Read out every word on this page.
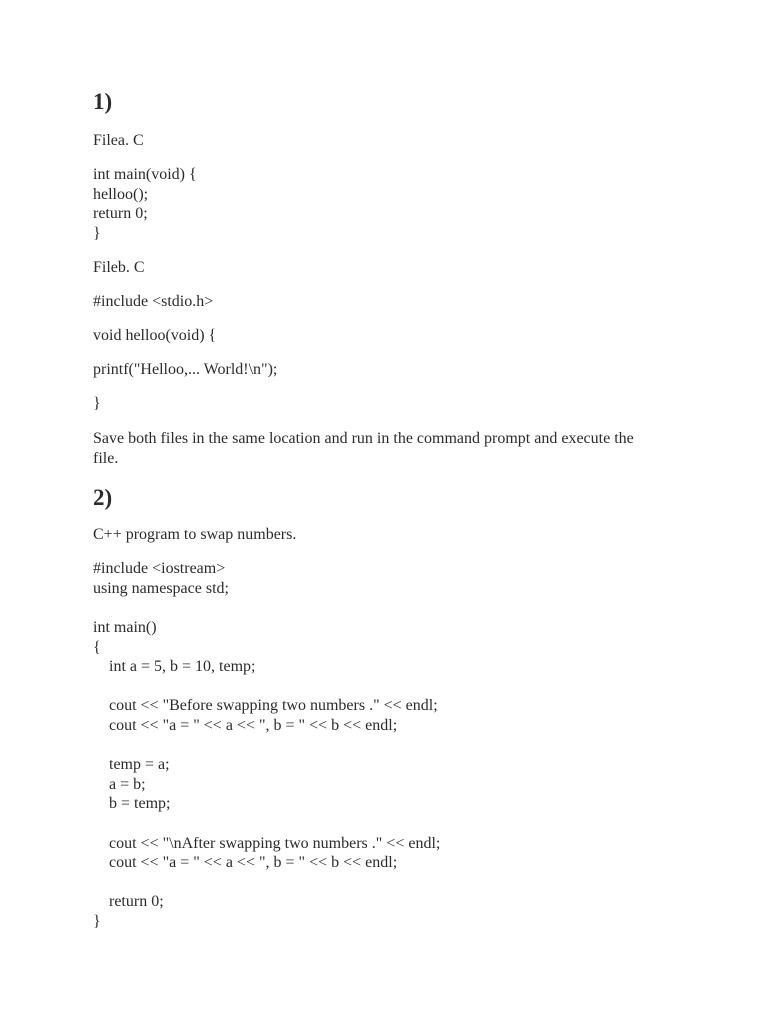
1)
Filea. C
int main(void) {
helloo();
return 0;
}
Fileb. C
#include <stdio.h>
void helloo(void) {
printf("Helloo,... World!\n");
}
Save both files in the same location and run in the command prompt and execute the file.
2)
C++ program to swap numbers.
#include <iostream>
using namespace std;
int main()
{
int a = 5, b = 10, temp;

cout << "Before swapping two numbers ." << endl;
cout << "a = " << a << ", b = " << b << endl;

temp = a;
a = b;
b = temp;

cout << "\nAfter swapping two numbers ." << endl;
cout << "a = " << a << ", b = " << b << endl;

return 0;
}
